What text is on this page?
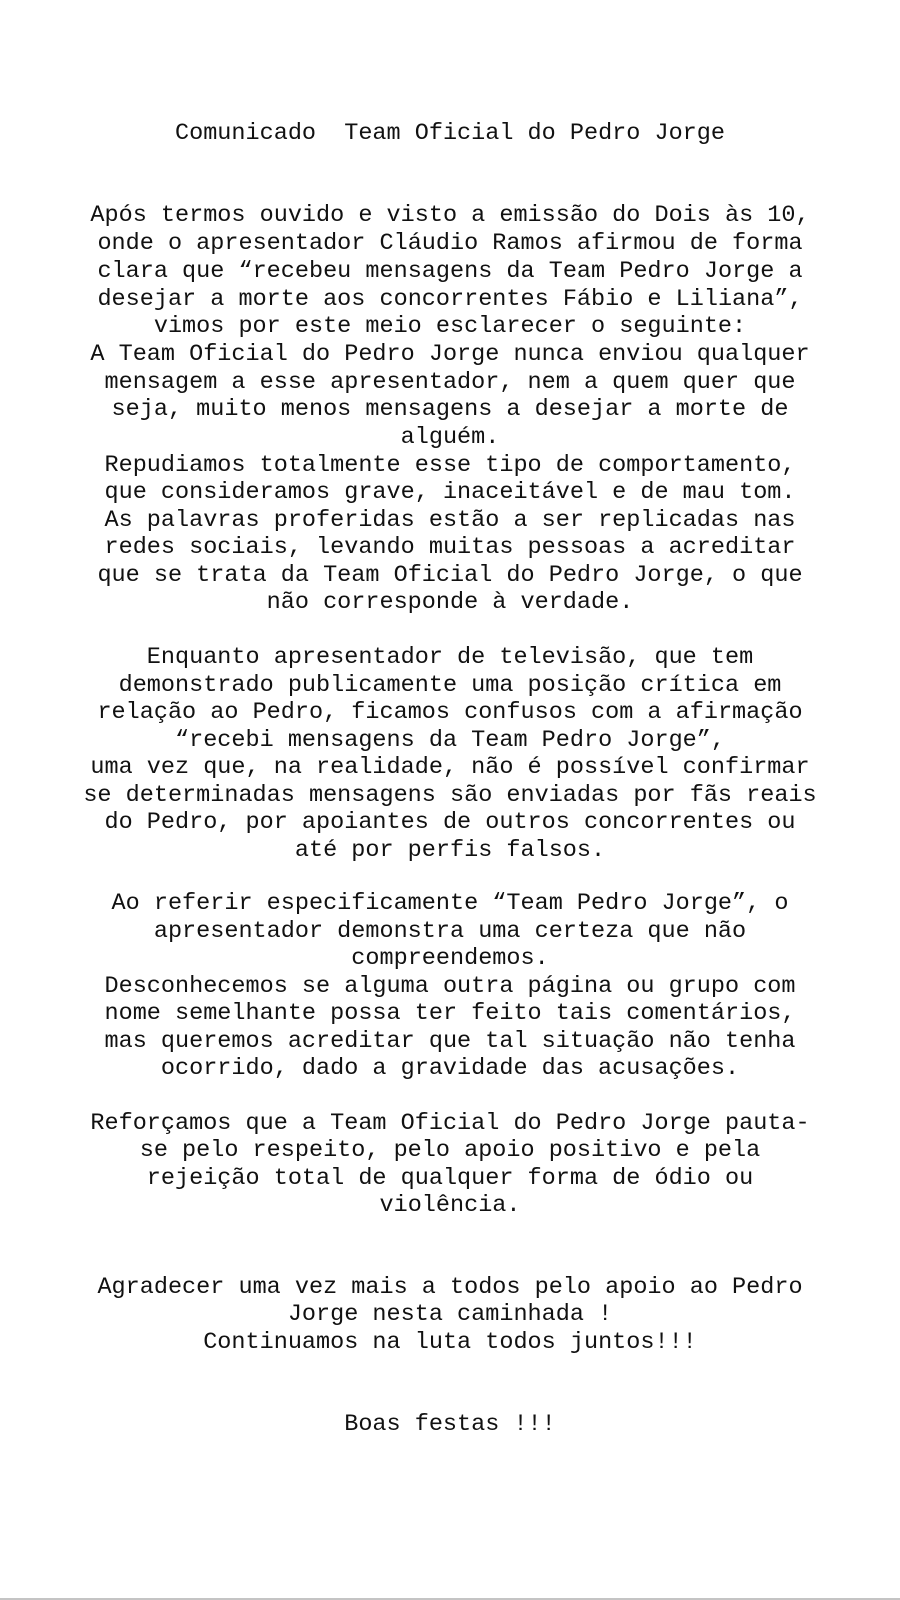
Comunicado  Team Oficial do Pedro Jorge
Após termos ouvido e visto a emissão do Dois às 10,
onde o apresentador Cláudio Ramos afirmou de forma
clara que “recebeu mensagens da Team Pedro Jorge a
desejar a morte aos concorrentes Fábio e Liliana”,
vimos por este meio esclarecer o seguinte:
A Team Oficial do Pedro Jorge nunca enviou qualquer
mensagem a esse apresentador, nem a quem quer que
seja, muito menos mensagens a desejar a morte de
alguém.
Repudiamos totalmente esse tipo de comportamento,
que consideramos grave, inaceitável e de mau tom.
As palavras proferidas estão a ser replicadas nas
redes sociais, levando muitas pessoas a acreditar
que se trata da Team Oficial do Pedro Jorge, o que
não corresponde à verdade.
Enquanto apresentador de televisão, que tem
demonstrado publicamente uma posição crítica em
relação ao Pedro, ficamos confusos com a afirmação
“recebi mensagens da Team Pedro Jorge”,
uma vez que, na realidade, não é possível confirmar
se determinadas mensagens são enviadas por fãs reais
do Pedro, por apoiantes de outros concorrentes ou
até por perfis falsos.
Ao referir especificamente “Team Pedro Jorge”, o
apresentador demonstra uma certeza que não
compreendemos.
Desconhecemos se alguma outra página ou grupo com
nome semelhante possa ter feito tais comentários,
mas queremos acreditar que tal situação não tenha
ocorrido, dado a gravidade das acusações.
Reforçamos que a Team Oficial do Pedro Jorge pauta-
se pelo respeito, pelo apoio positivo e pela
rejeição total de qualquer forma de ódio ou
violência.
Agradecer uma vez mais a todos pelo apoio ao Pedro
Jorge nesta caminhada !
Continuamos na luta todos juntos!!!
Boas festas !!!
